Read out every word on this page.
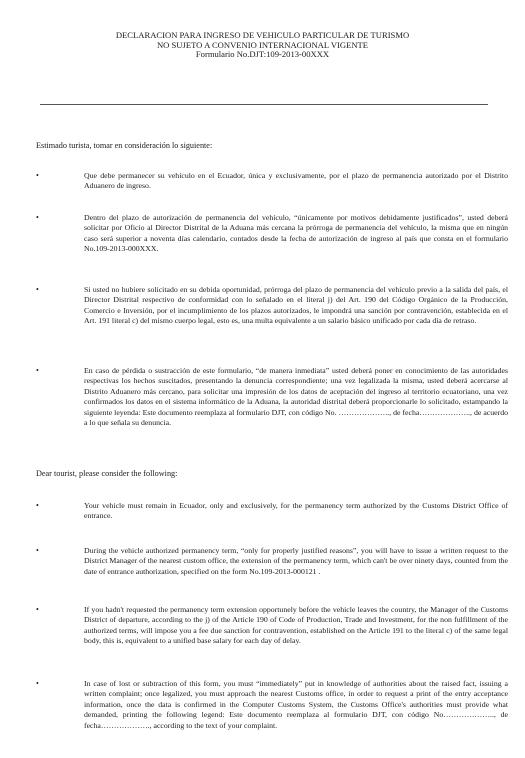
DECLARACION PARA INGRESO DE VEHICULO PARTICULAR DE TURISMO
NO SUJETO A CONVENIO INTERNACIONAL VIGENTE
Formulario No.DJT:109-2013-00XXX
Estimado turista, tomar en consideración lo siguiente:
•	Que debe permanecer su vehículo en el Ecuador, única y exclusivamente, por el plazo de permanencia autorizado por el Distrito Aduanero de ingreso.
•	Dentro del plazo de autorización de permanencia del vehículo, “únicamente por motivos debidamente justificados”, usted deberá solicitar por Oficio al Director Distrital de la Aduana más cercana la prórroga de permanencia del vehículo, la misma que en ningún caso será superior a noventa días calendario, contados desde la fecha de autorización de ingreso al país que consta en el formulario No.109-2013-000XXX.
•	Si usted no hubiere solicitado en su debida oportunidad, prórroga del plazo de permanencia del vehículo previo a la salida del país, el Director Distrital respectivo de conformidad con lo señalado en el literal j) del Art. 190 del Código Orgánico de la Producción, Comercio e Inversión, por el incumplimiento de los plazos autorizados, le impondrá una sanción por contravención, establecida en el Art. 191 literal c) del mismo cuerpo legal, esto es, una multa equivalente a un salario básico unificado por cada día de retraso.
•	En caso de pérdida o sustracción de este formulario, “de manera inmediata” usted deberá poner en conocimiento de las autoridades respectivas los hechos suscitados, presentando la denuncia correspondiente; una vez legalizada la misma, usted deberá acercarse al Distrito Aduanero más cercano, para solicitar una impresión de los datos de aceptación del ingreso al territorio ecuatoriano, una vez confirmados los datos en el sistema informático de la Aduana, la autoridad distrital deberá proporcionarle lo solicitado, estampando la siguiente leyenda: Este documento reemplaza al formulario DJT, con código No. ……………….., de fecha……………….., de acuerdo a lo que señala su denuncia.
Dear tourist, please consider the following:
•	Your vehicle must remain in Ecuador, only and exclusively, for the permanency term authorized by the Customs District Office of entrance.
•	During the vehicle authorized permanency term, “only for properly justified reasons”, you will have to issue a written request to the District Manager of the nearest custom office, the extension of the permanency term, which can't be over ninety days, counted from the date of entrance authorization, specified on the form No.109-2013-000121 .
•	If you hadn't requested the permanency term extension opportunely before the vehicle leaves the country, the Manager of the Customs District of departure, according to the j) of the Article 190 of Code of Production, Trade and Investment, for the non fulfillment of the authorized terms, will impose you a fee due sanction for contravention, established on the Article 191 to the literal c) of the same legal body, this is, equivalent to a unified base salary for each day of delay.
•	In case of lost or subtraction of this form, you must “immediately” put in knowledge of authorities about the raised fact, issuing a written complaint; once legalized, you must approach the nearest Customs office, in order to request a print of the entry acceptance information, once the data is confirmed in the Computer Customs System, the Customs Office's authorities must provide what demanded, printing the following legend: Este documento reemplaza al formulario DJT, con código No……………….., de fecha………………., according to the text of your complaint.
